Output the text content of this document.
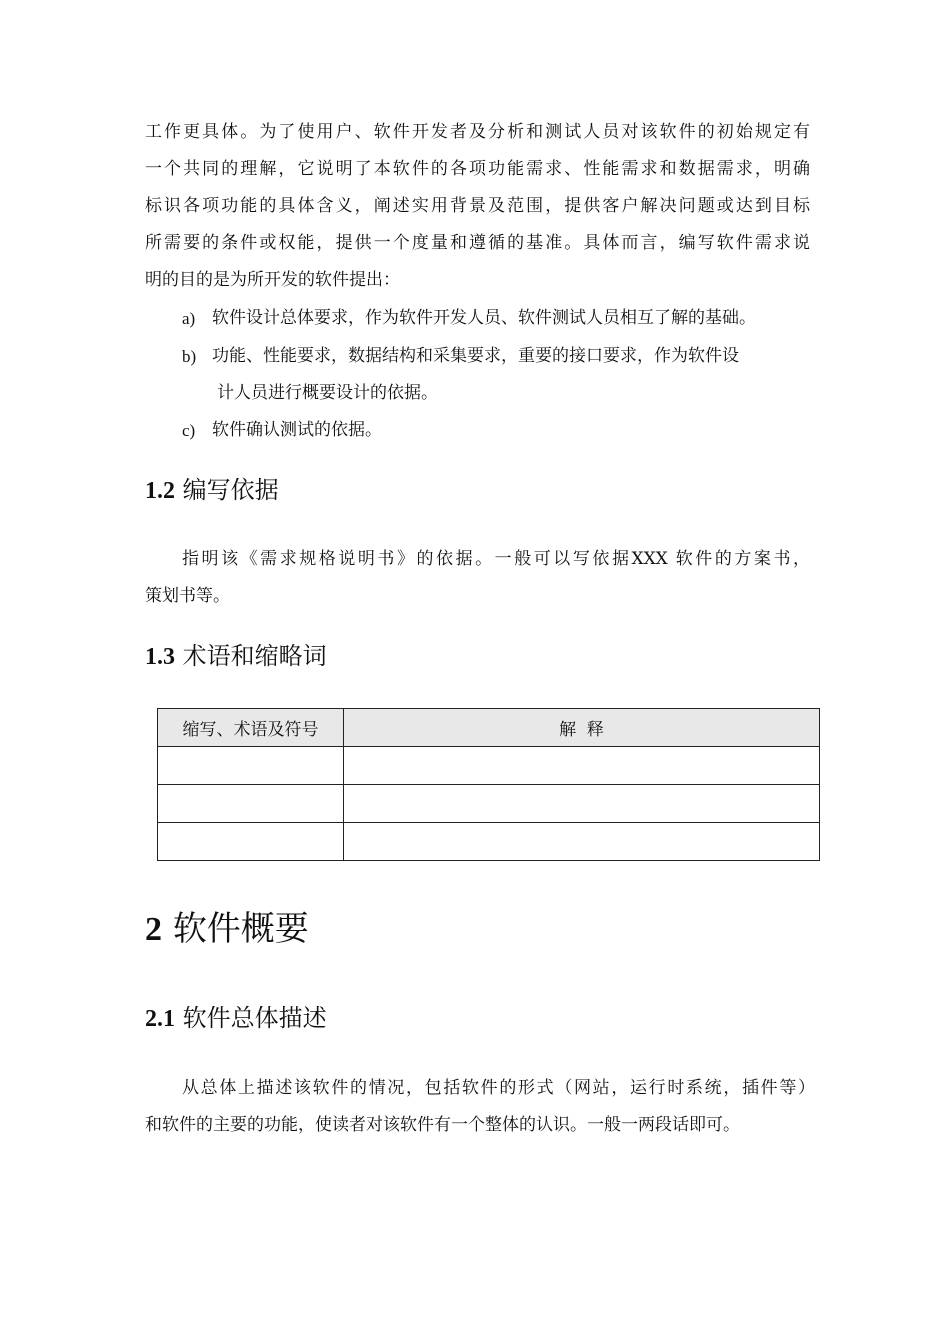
工作更具体。为了使用户、软件开发者及分析和测试人员对该软件的初始规定有
一个共同的理解，它说明了本软件的各项功能需求、性能需求和数据需求，明确
标识各项功能的具体含义，阐述实用背景及范围，提供客户解决问题或达到目标
所需要的条件或权能，提供一个度量和遵循的基准。具体而言，编写软件需求说
明的目的是为所开发的软件提出：
a) 软件设计总体要求，作为软件开发人员、软件测试人员相互了解的基础。
b) 功能、性能要求，数据结构和采集要求，重要的接口要求，作为软件设
计人员进行概要设计的依据。
c) 软件确认测试的依据。
1.2 编写依据
指明该《需求规格说明书》的依据。一般可以写依据XXX 软件的方案书，
策划书等。
1.3 术语和缩略词
缩写、术语及符号	解  释

2 软件概要
2.1 软件总体描述
从总体上描述该软件的情况，包括软件的形式（网站，运行时系统，插件等）
和软件的主要的功能，使读者对该软件有一个整体的认识。一般一两段话即可。
